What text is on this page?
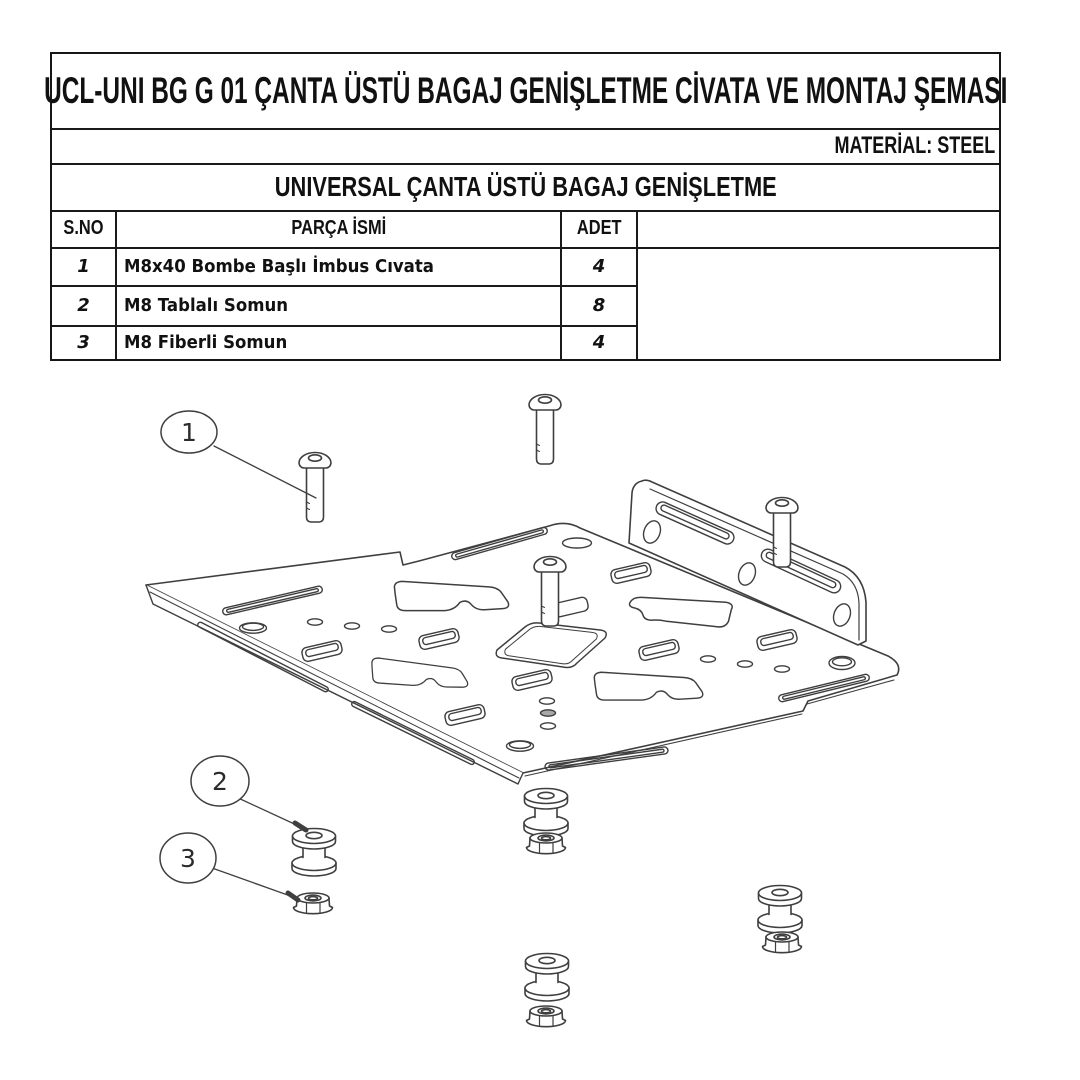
UCL-UNI BG G 01 ÇANTA ÜSTÜ BAGAJ GENİŞLETME CİVATA VE MONTAJ ŞEMASI
MATERİAL: STEEL
UNIVERSAL ÇANTA ÜSTÜ BAGAJ GENİŞLETME
S.NO	PARÇA İSMİ	ADET
1 M8x40 Bombe Başlı İmbus Cıvata	4
2 M8 Tablalı Somun	8
3 M8 Fiberli Somun	4
1
2
3
